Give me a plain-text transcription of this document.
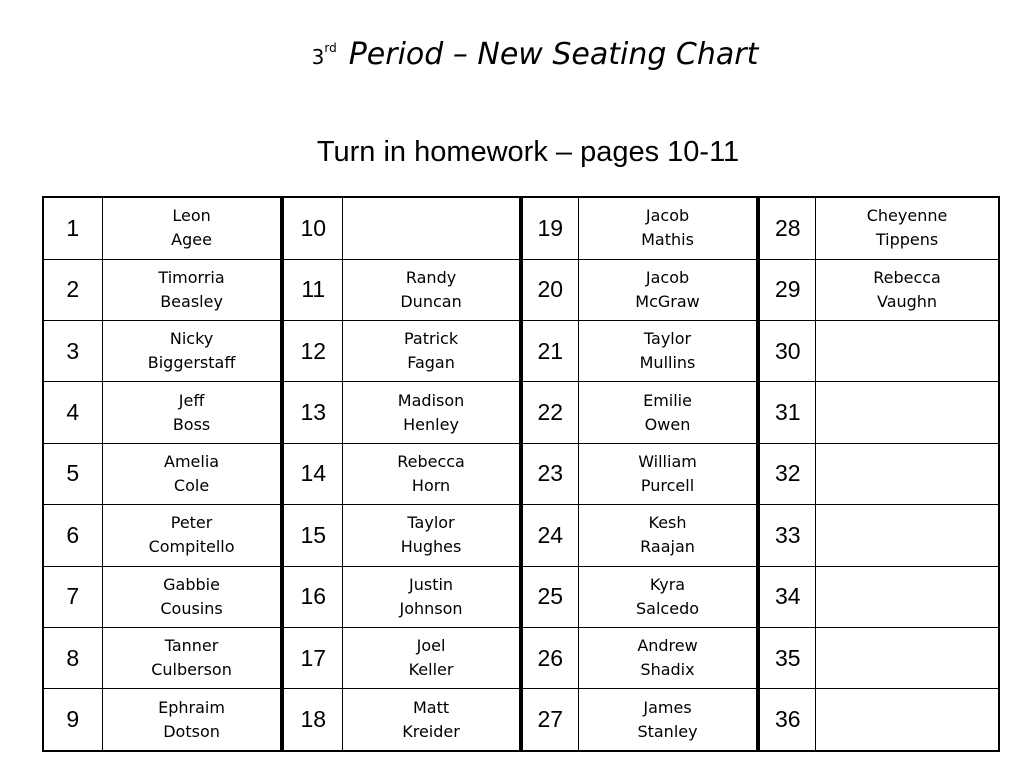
3rd Period – New Seating Chart
Turn in homework – pages 10-11
1	Leon
Agee	10		19	Jacob
Mathis	28	Cheyenne
Tippens

2	Timorria
Beasley	11	Randy
Duncan	20	Jacob
McGraw	29	Rebecca
Vaughn

3	Nicky
Biggerstaff	12	Patrick
Fagan	21	Taylor
Mullins	30	

4	Jeff
Boss	13	Madison
Henley	22	Emilie
Owen	31	

5	Amelia
Cole	14	Rebecca
Horn	23	William
Purcell	32	

6	Peter
Compitello	15	Taylor
Hughes	24	Kesh
Raajan	33	

7	Gabbie
Cousins	16	Justin
Johnson	25	Kyra
Salcedo	34	

8	Tanner
Culberson	17	Joel
Keller	26	Andrew
Shadix	35	

9	Ephraim
Dotson	18	Matt
Kreider	27	James
Stanley	36	
